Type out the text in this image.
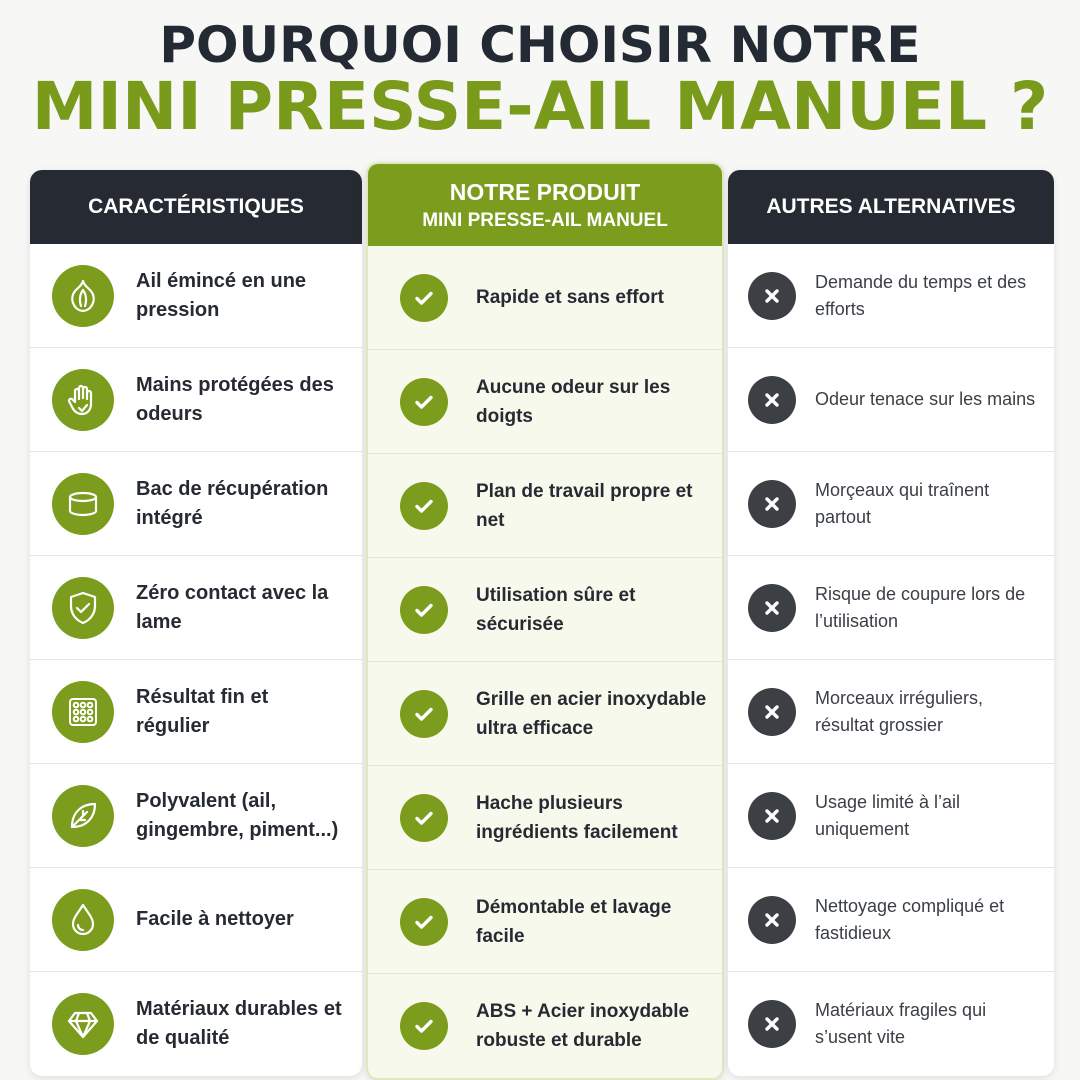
POURQUOI CHOISIR NOTRE
MINI PRESSE-AIL MANUEL ?
CARACTÉRISTIQUES
Ail émincé en une pression
Mains protégées des odeurs
Bac de récupération intégré
Zéro contact avec la lame
Résultat fin et régulier
Polyvalent (ail, gingembre, piment...)
Facile à nettoyer
Matériaux durables et de qualité
NOTRE PRODUIT
MINI PRESSE-AIL MANUEL
Rapide et sans effort
Aucune odeur sur les doigts
Plan de travail propre et net
Utilisation sûre et sécurisée
Grille en acier inoxydable ultra efficace
Hache plusieurs ingrédients facilement
Démontable et lavage facile
ABS + Acier inoxydable robuste et durable
AUTRES ALTERNATIVES
Demande du temps et des efforts
Odeur tenace sur les mains
Morçeaux qui traînent partout
Risque de coupure lors de l’utilisation
Morceaux irréguliers, résultat grossier
Usage limité à l’ail uniquement
Nettoyage compliqué et fastidieux
Matériaux fragiles qui s’usent vite
